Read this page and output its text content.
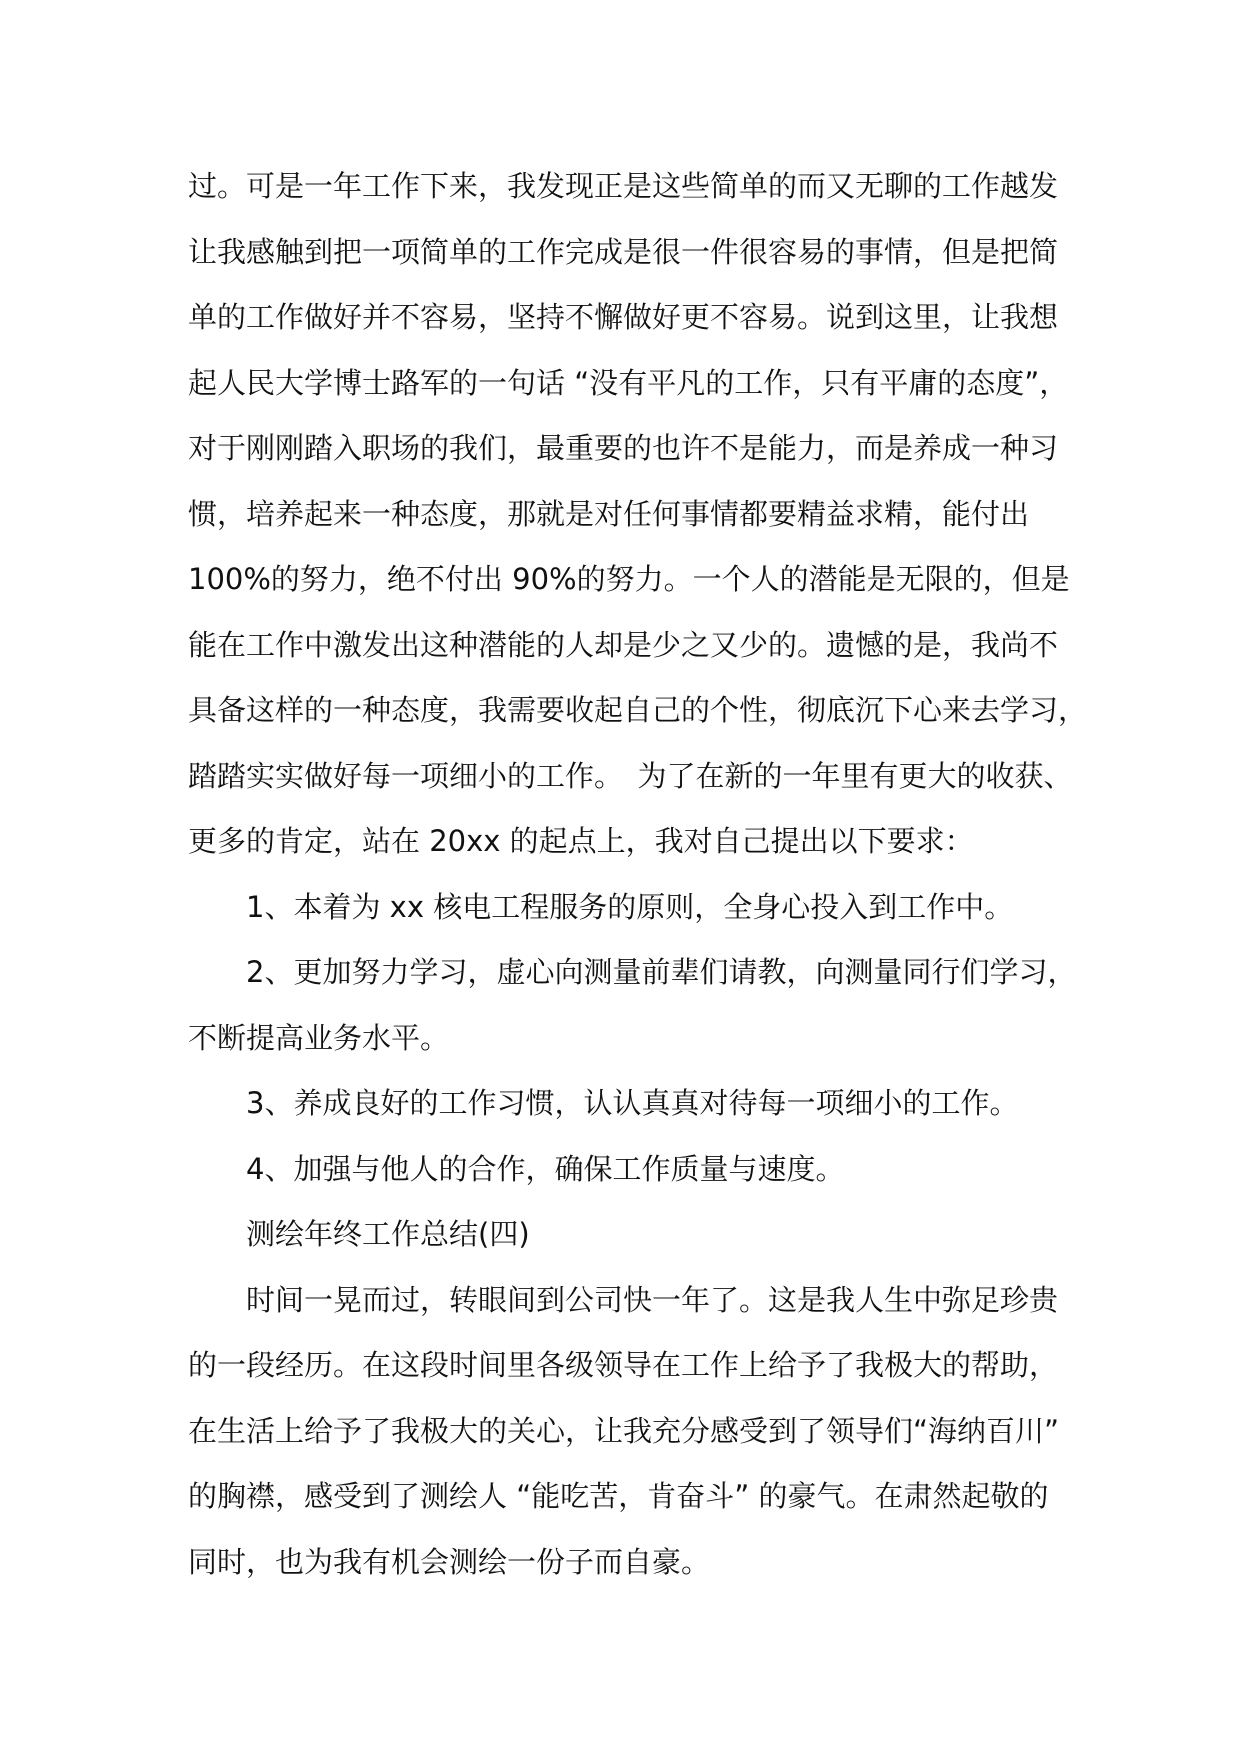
过。可是一年工作下来，我发现正是这些简单的而又无聊的工作越发
让我感触到把一项简单的工作完成是很一件很容易的事情，但是把简
单的工作做好并不容易，坚持不懈做好更不容易。说到这里，让我想
起人民大学博士路军的一句话 “没有平凡的工作，只有平庸的态度”，
对于刚刚踏入职场的我们，最重要的也许不是能力，而是养成一种习
惯，培养起来一种态度，那就是对任何事情都要精益求精，能付出
100%的努力，绝不付出 90%的努力。一个人的潜能是无限的，但是
能在工作中激发出这种潜能的人却是少之又少的。遗憾的是，我尚不
具备这样的一种态度，我需要收起自己的个性，彻底沉下心来去学习，
踏踏实实做好每一项细小的工作。　为了在新的一年里有更大的收获、
更多的肯定，站在 20xx 的起点上，我对自己提出以下要求：
1、本着为 xx 核电工程服务的原则，全身心投入到工作中。
2、更加努力学习，虚心向测量前辈们请教，向测量同行们学习，
不断提高业务水平。
3、养成良好的工作习惯，认认真真对待每一项细小的工作。
4、加强与他人的合作，确保工作质量与速度。
测绘年终工作总结(四)
时间一晃而过，转眼间到公司快一年了。这是我人生中弥足珍贵
的一段经历。在这段时间里各级领导在工作上给予了我极大的帮助，
在生活上给予了我极大的关心，让我充分感受到了领导们“海纳百川”
的胸襟，感受到了测绘人 “能吃苦，肯奋斗” 的豪气。在肃然起敬的
同时，也为我有机会测绘一份子而自豪。
